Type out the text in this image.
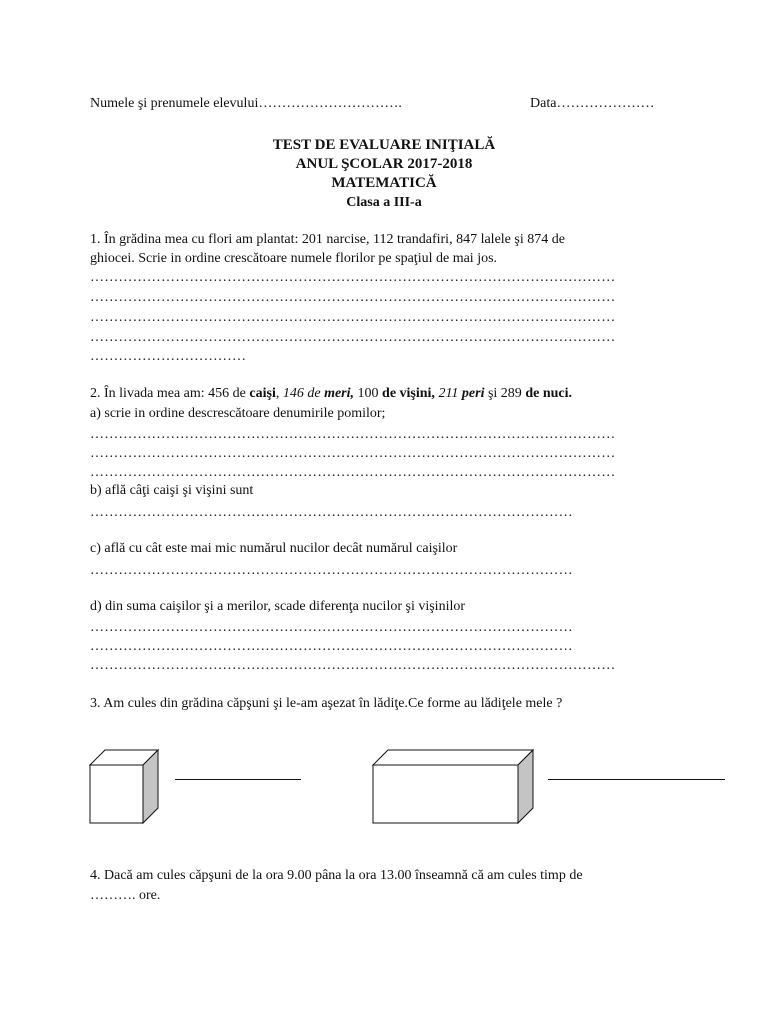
Numele şi prenumele elevului………………………….	Data…………………
TEST DE EVALUARE INIŢIALĂ
ANUL ŞCOLAR 2017-2018
MATEMATICĂ
Clasa a III-a
1. În grădina mea cu flori am plantat: 201 narcise, 112 trandafiri, 847 lalele şi 874 de
ghiocei. Scrie in ordine crescătoare numele florilor pe spaţiul de mai jos.
…………………………………………………………………………………………………
…………………………………………………………………………………………………
…………………………………………………………………………………………………
…………………………………………………………………………………………………
……………………………
2. În livada mea am: 456 de caişi, 146 de meri, 100 de vişini, 211 peri şi 289 de nuci.
a) scrie in ordine descrescătoare denumirile pomilor;
…………………………………………………………………………………………………
…………………………………………………………………………………………………
…………………………………………………………………………………………………
b) află câţi caişi şi vişini sunt
…………………………………………………………………………………………
c) află cu cât este mai mic numărul nucilor decât numărul caişilor
…………………………………………………………………………………………
d) din suma caişilor şi a merilor, scade diferenţa nucilor şi vişinilor
…………………………………………………………………………………………
…………………………………………………………………………………………
…………………………………………………………………………………………………
3. Am cules din grădina căpşuni şi le-am aşezat în lădiţe.Ce forme au lădiţele mele ?
4. Dacă am cules căpşuni de la ora 9.00 pâna la ora 13.00 înseamnă că am cules timp de
………. ore.
